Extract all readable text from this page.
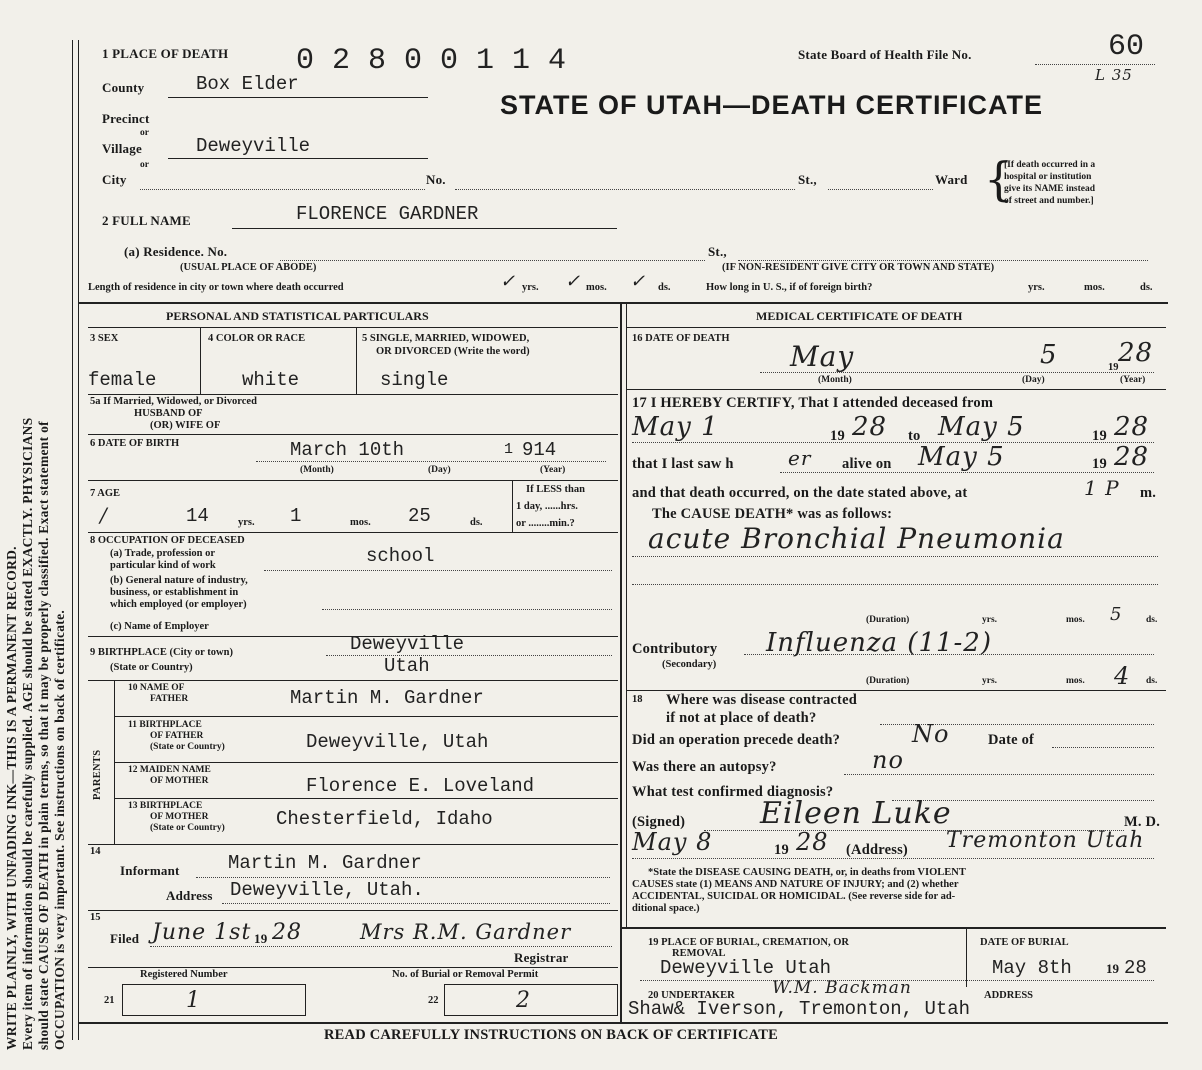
WRITE PLAINLY, WITH UNFADING INK—THIS IS A PERMANENT RECORD. Every item of information should be carefully supplied. AGE should be stated EXACTLY. PHYSICIANS should state CAUSE OF DEATH in plain terms, so that it may be properly classified. Exact statement of OCCUPATION is very important. See instructions on back of certificate.
1 PLACE OF DEATH 0 2 8 0 0 1 1 4	State Board of Health File No.	60
L 35
STATE OF UTAH—DEATH CERTIFICATE
County	Box Elder
Precinct
or
Village	Deweyville
or
City	No.	St.,	Ward {
[If death occurred in a
hospital or institution
give its NAME instead
of street and number.]
2 FULL NAME	FLORENCE GARDNER
(a) Residence. No.	St.,
(USUAL PLACE OF ABODE)	(IF NON-RESIDENT GIVE CITY OR TOWN AND STATE)
Length of residence in city or town where death occurred	✓ yrs. ✓ mos. ✓ ds.	How long in U. S., if of foreign birth?	yrs.	mos.	ds.
PERSONAL AND STATISTICAL PARTICULARS	MEDICAL CERTIFICATE OF DEATH
3 SEX
female
4 COLOR OR RACE
white
5 SINGLE, MARRIED, WIDOWED,
OR DIVORCED (Write the word)
single
5a If Married, Widowed, or Divorced
HUSBAND OF
(OR) WIFE OF
6 DATE OF BIRTH	March 10th	1 914
(Month)	(Day)	(Year)
7 AGE
/	14	yrs. 1	mos. 25	ds.
If LESS than
1 day, ......hrs.
or ........min.?
8 OCCUPATION OF DECEASED
(a) Trade, profession or
particular kind of work	school
(b) General nature of industry,
business, or establishment in
which employed (or employer)
(c) Name of Employer
9 BIRTHPLACE (City or town)	Deweyville
(State or Country)	Utah
PARENTS
10 NAME OF
FATHER	Martin M. Gardner
11 BIRTHPLACE
OF FATHER
(State or Country)	Deweyville, Utah
12 MAIDEN NAME
OF MOTHER	Florence E. Loveland
13 BIRTHPLACE
OF MOTHER
(State or Country)	Chesterfield, Idaho
14
Informant	Martin M. Gardner
Address Deweyville, Utah.
15
Filed June 1st 19 28	Mrs R.M. Gardner
Registrar
Registered Number	No. of Burial or Removal Permit
21	1	22	2
16 DATE OF DEATH
May	5	19 28
(Month)	(Day)	(Year)
17 I HEREBY CERTIFY, That I attended deceased from
May 1	19 28 to May 5	19 28
that I last saw h	er alive on May 5	19 28
and that death occurred, on the date stated above, at	1 P m.
The CAUSE DEATH* was as follows:
acute Bronchial Pneumonia
(Duration)	yrs.	mos. 5 ds.
Contributory
(Secondary)
Influenza (11-2)
(Duration)	yrs.	mos. 4 ds.
18 Where was disease contracted
if not at place of death?
Did an operation precede death?	No	Date of
Was there an autopsy?	no
What test confirmed diagnosis?
(Signed) Eileen Luke	M. D.
May 8	19 28 (Address) Tremonton Utah
*State the DISEASE CAUSING DEATH, or, in deaths from VIOLENT
CAUSES state (1) MEANS AND NATURE OF INJURY; and (2) whether
ACCIDENTAL, SUICIDAL OR HOMICIDAL. (See reverse side for ad-
ditional space.)
19 PLACE OF BURIAL, CREMATION, OR
REMOVAL
Deweyville Utah
DATE OF BURIAL
May 8th	19 28
20 UNDERTAKER W.M. Backman	ADDRESS
Shaw& Iverson, Tremonton, Utah
READ CAREFULLY INSTRUCTIONS ON BACK OF CERTIFICATE
